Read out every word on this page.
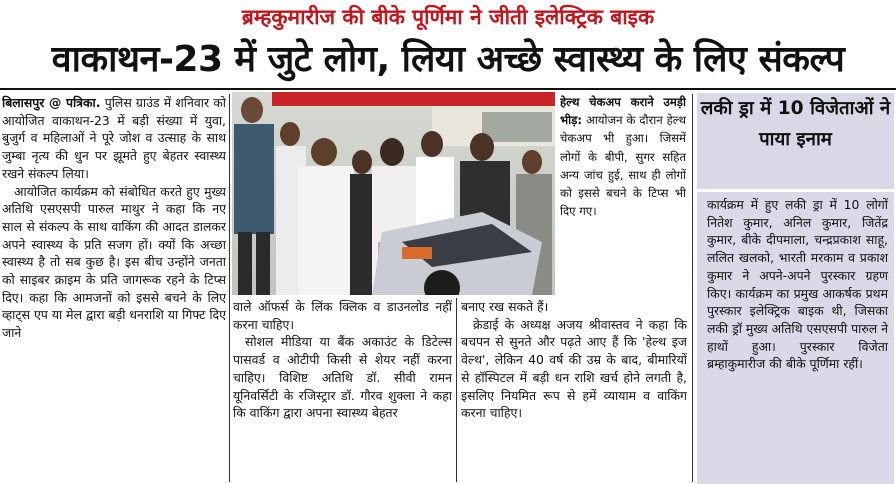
ब्रम्हकुमारीज की बीके पूर्णिमा ने जीती इलेक्ट्रिक बाइक
वाकाथन-23 में जुटे लोग, लिया अच्छे स्वास्थ्य के लिए संकल्प

बिलासपुर @ पत्रिका. पुलिस ग्राउंड में शनिवार को आयोजित वाकाथन-23 में बड़ी संख्या में युवा, बुजुर्ग व महिलाओं ने पूरे जोश व उत्साह के साथ जुम्बा नृत्य की धुन पर झूमते हुए बेहतर स्वास्थ्य रखने संकल्प लिया।

आयोजित कार्यक्रम को संबोधित करते हुए मुख्य अतिथि एसएसपी पारुल माथुर ने कहा कि नए साल से संकल्प के साथ वाकिंग की आदत डालकर अपने स्वास्थ्य के प्रति सजग हों। क्यों कि अच्छा स्वास्थ्य है तो सब कुछ है। इस बीच उन्होंने जनता को साइबर क्राइम के प्रति जागरूक रहने के टिप्स दिए। कहा कि आमजनों को इससे बचने के लिए व्हाट्स एप या मेल द्वारा बड़ी धनराशि या गिफ्ट दिए जाने

हेल्थ चेकअप कराने उमड़ी भीड़: आयोजन के दौरान हेल्थ चेकअप भी हुआ। जिसमें लोगों के बीपी, सुगर सहित अन्य जांच हुई, साथ ही लोगों को इससे बचने के टिप्स भी दिए गए।

वाले ऑफर्स के लिंक क्लिक व डाउनलोड नहीं करना चाहिए।

सोशल मीडिया या बैंक अकाउंट के डिटेल्स पासवर्ड व ओटीपी किसी से शेयर नहीं करना चाहिए। विशिष्ट अतिथि डॉ. सीवी रामन यूनिवर्सिटी के रजिस्ट्रार डॉ. गौरव शुक्ला ने कहा कि वाकिंग द्वारा अपना स्वास्थ्य बेहतर

बनाए रख सकते हैं।

क्रेडाई के अध्यक्ष अजय श्रीवास्तव ने कहा कि बचपन से सुनते और पढ़ते आए हैं कि 'हेल्थ इज वेल्थ', लेकिन 40 वर्ष की उम्र के बाद, बीमारियों से हॉस्पिटल में बड़ी धन राशि खर्च होने लगती है, इसलिए नियमित रूप से हमें व्यायाम व वाकिंग करना चाहिए।

लकी ड्रा में 10 विजेताओं ने पाया इनाम
कार्यक्रम में हुए लकी ड्रा में 10 लोगों नितेश कुमार, अनिल कुमार, जितेंद्र कुमार, बीके दीपमाला, चन्द्रप्रकाश साहू, ललित खलको, भारती मरकाम व प्रकाश कुमार ने अपने-अपने पुरस्कार ग्रहण किए। कार्यक्रम का प्रमुख आकर्षक प्रथम पुरस्कार इलेक्ट्रिक बाइक थी, जिसका लकी ड्रॉ मुख्य अतिथि एसएसपी पारुल ने हाथों हुआ। पुरस्कार विजेता ब्रम्हाकुमारीज की बीके पूर्णिमा रहीं।
